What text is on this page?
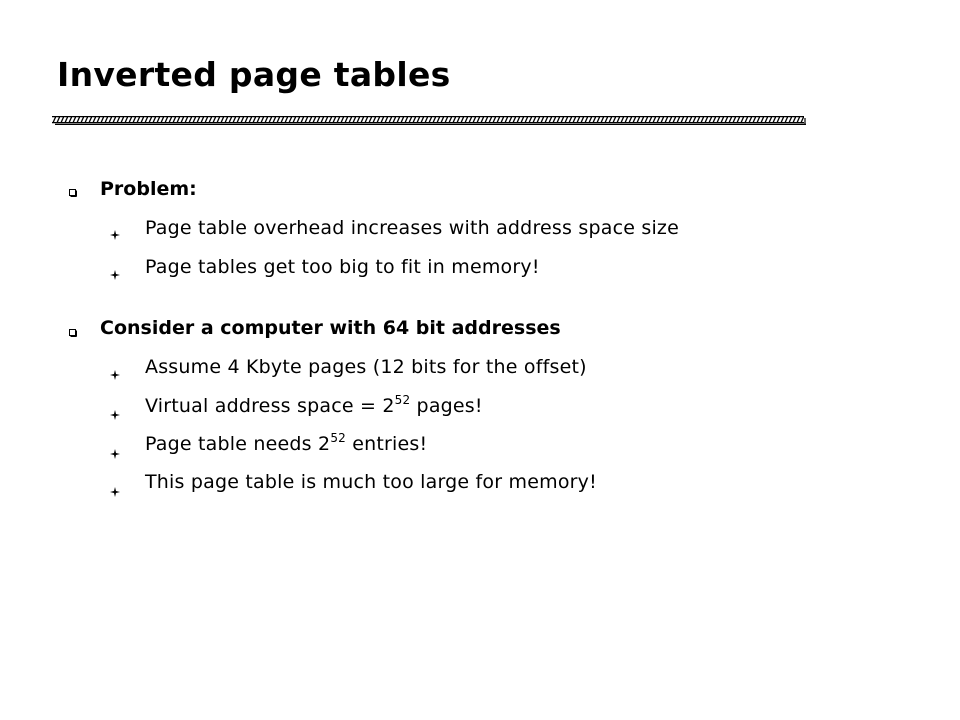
Inverted page tables
Problem:
Page table overhead increases with address space size
Page tables get too big to fit in memory!
Consider a computer with 64 bit addresses
Assume 4 Kbyte pages (12 bits for the offset)
Virtual address space = $2^{52}$ pages!
Page table needs $2^{52}$ entries!
This page table is much too large for memory!
